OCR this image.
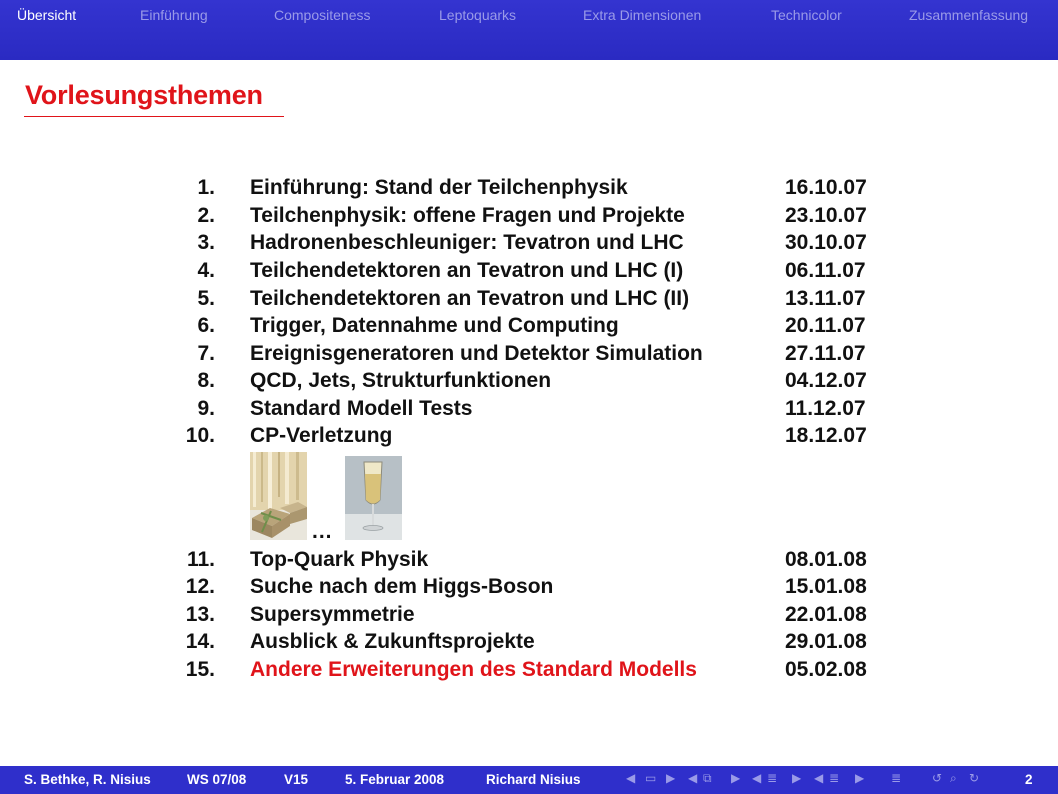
Übersicht	Einführung	Compositeness	Leptoquarks	Extra Dimensionen	Technicolor	Zusammenfassung
Vorlesungsthemen
1. Einführung: Stand der Teilchenphysik	16.10.07
2. Teilchenphysik: offene Fragen und Projekte	23.10.07
3. Hadronenbeschleuniger: Tevatron und LHC	30.10.07
4. Teilchendetektoren an Tevatron und LHC (I)	06.11.07
5. Teilchendetektoren an Tevatron und LHC (II)	13.11.07
6. Trigger, Datennahme und Computing	20.11.07
7. Ereignisgeneratoren und Detektor Simulation	27.11.07
8. QCD, Jets, Strukturfunktionen	04.12.07
9. Standard Modell Tests	11.12.07
10. CP-Verletzung	18.12.07
...
11. Top-Quark Physik	08.01.08
12. Suche nach dem Higgs-Boson	15.01.08
13. Supersymmetrie	22.01.08
14. Ausblick & Zukunftsprojekte	29.01.08
15. Andere Erweiterungen des Standard Modells	05.02.08
S. Bethke, R. Nisius	WS 07/08	V15	5. Februar 2008	Richard Nisius	◀ ▭ ▶ ◀ ⧉ ▶ ◀ ≣ ▶ ◀ ≣ ▶ ≣	↺ ⌕ ↻	2
